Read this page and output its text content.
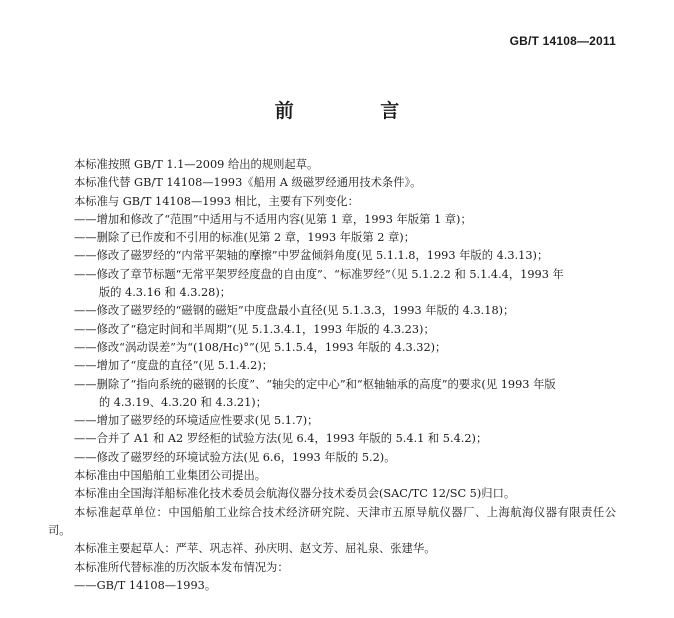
GB/T 14108—2011
前 言

本标准按照 GB/T 1.1—2009 给出的规则起草。

本标准代替 GB/T 14108—1993《船用 A 级磁罗经通用技术条件》。

本标准与 GB/T 14108—1993 相比，主要有下列变化：

——增加和修改了“范围”中适用与不适用内容(见第 1 章，1993 年版第 1 章)；

——删除了已作废和不引用的标准(见第 2 章，1993 年版第 2 章)；

——修改了磁罗经的“内常平架轴的摩擦”中罗盆倾斜角度(见 5.1.1.8，1993 年版的 4.3.13)；

——修改了章节标题“无常平架罗经度盘的自由度”、“标准罗经”（见 5.1.2.2 和 5.1.4.4，1993 年
版的 4.3.16 和 4.3.28)；

——修改了磁罗经的“磁钢的磁矩”中度盘最小直径(见 5.1.3.3，1993 年版的 4.3.18)；

——修改了“稳定时间和半周期”(见 5.1.3.4.1，1993 年版的 4.3.23)；

——修改“涡动误差”为“(108/Hc)°”(见 5.1.5.4，1993 年版的 4.3.32)；

——增加了“度盘的直径”(见 5.1.4.2)；

——删除了“指向系统的磁钢的长度”、“轴尖的定中心”和“枢轴轴承的高度”的要求(见 1993 年版
的 4.3.19、4.3.20 和 4.3.21)；

——增加了磁罗经的环境适应性要求(见 5.1.7)；

——合并了 A1 和 A2 罗经柜的试验方法(见 6.4，1993 年版的 5.4.1 和 5.4.2)；

——修改了磁罗经的环境试验方法(见 6.6，1993 年版的 5.2)。

本标准由中国船舶工业集团公司提出。

本标准由全国海洋船标准化技术委员会航海仪器分技术委员会(SAC/TC 12/SC 5)归口。

本标准起草单位：中国船舶工业综合技术经济研究院、天津市五原导航仪器厂、上海航海仪器有限责任公司。

本标准主要起草人：严苹、巩志祥、孙庆明、赵文芳、屈礼泉、张建华。

本标准所代替标准的历次版本发布情况为：

——GB/T 14108—1993。
